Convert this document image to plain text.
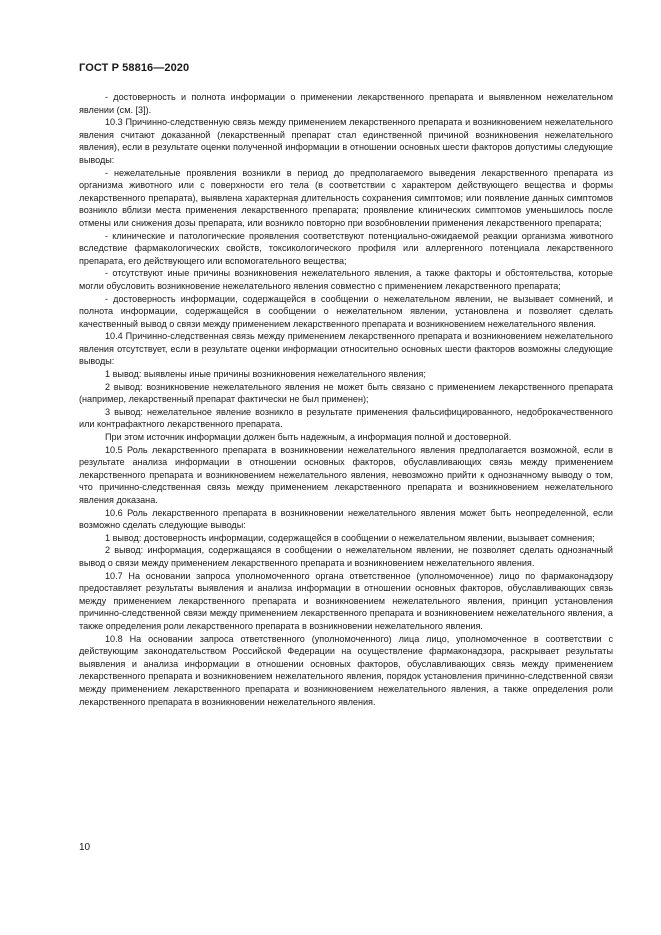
ГОСТ Р 58816—2020

- достоверность и полнота информации о применении лекарственного препарата и выявленном нежелательном явлении (см. [3]).

10.3 Причинно-следственную связь между применением лекарственного препарата и возникновением нежелательного явления считают доказанной (лекарственный препарат стал единственной причиной возникновения нежелательного явления), если в результате оценки полученной информации в отношении основных шести факторов допустимы следующие выводы:

- нежелательные проявления возникли в период до предполагаемого выведения лекарственного препарата из организма животного или с поверхности его тела (в соответствии с характером действующего вещества и формы лекарственного препарата), выявлена характерная длительность сохранения симптомов; или появление данных симптомов возникло вблизи места применения лекарственного препарата; проявление клинических симптомов уменьшилось после отмены или снижения дозы препарата, или возникло повторно при возобновлении применения лекарственного препарата;

- клинические и патологические проявления соответствуют потенциально-ожидаемой реакции организма животного вследствие фармакологических свойств, токсикологического профиля или аллергенного потенциала лекарственного препарата, его действующего или вспомогательного вещества;

- отсутствуют иные причины возникновения нежелательного явления, а также факторы и обстоятельства, которые могли обусловить возникновение нежелательного явления совместно с применением лекарственного препарата;

- достоверность информации, содержащейся в сообщении о нежелательном явлении, не вызывает сомнений, и полнота информации, содержащейся в сообщении о нежелательном явлении, установлена и позволяет сделать качественный вывод о связи между применением лекарственного препарата и возникновением нежелательного явления.

10.4 Причинно-следственная связь между применением лекарственного препарата и возникновением нежелательного явления отсутствует, если в результате оценки информации относительно основных шести факторов возможны следующие выводы:

1 вывод: выявлены иные причины возникновения нежелательного явления;

2 вывод: возникновение нежелательного явления не может быть связано с применением лекарственного препарата (например, лекарственный препарат фактически не был применен);

3 вывод: нежелательное явление возникло в результате применения фальсифицированного, недоброкачественного или контрафактного лекарственного препарата.

При этом источник информации должен быть надежным, а информация полной и достоверной.

10.5 Роль лекарственного препарата в возникновении нежелательного явления предполагается возможной, если в результате анализа информации в отношении основных факторов, обуславливающих связь между применением лекарственного препарата и возникновением нежелательного явления, невозможно прийти к однозначному выводу о том, что причинно-следственная связь между применением лекарственного препарата и возникновением нежелательного явления доказана.

10.6 Роль лекарственного препарата в возникновении нежелательного явления может быть неопределенной, если возможно сделать следующие выводы:

1 вывод: достоверность информации, содержащейся в сообщении о нежелательном явлении, вызывает сомнения;

2 вывод: информация, содержащаяся в сообщении о нежелательном явлении, не позволяет сделать однозначный вывод о связи между применением лекарственного препарата и возникновением нежелательного явления.

10.7 На основании запроса уполномоченного органа ответственное (уполномоченное) лицо по фармаконадзору предоставляет результаты выявления и анализа информации в отношении основных факторов, обуславливающих связь между применением лекарственного препарата и возникновением нежелательного явления, принцип установления причинно-следственной связи между применением лекарственного препарата и возникновением нежелательного явления, а также определения роли лекарственного препарата в возникновении нежелательного явления.

10.8 На основании запроса ответственного (уполномоченного) лица лицо, уполномоченное в соответствии с действующим законодательством Российской Федерации на осуществление фармаконадзора, раскрывает результаты выявления и анализа информации в отношении основных факторов, обуславливающих связь между применением лекарственного препарата и возникновением нежелательного явления, порядок установления причинно-следственной связи между применением лекарственного препарата и возникновением нежелательного явления, а также определения роли лекарственного препарата в возникновении нежелательного явления.

10
